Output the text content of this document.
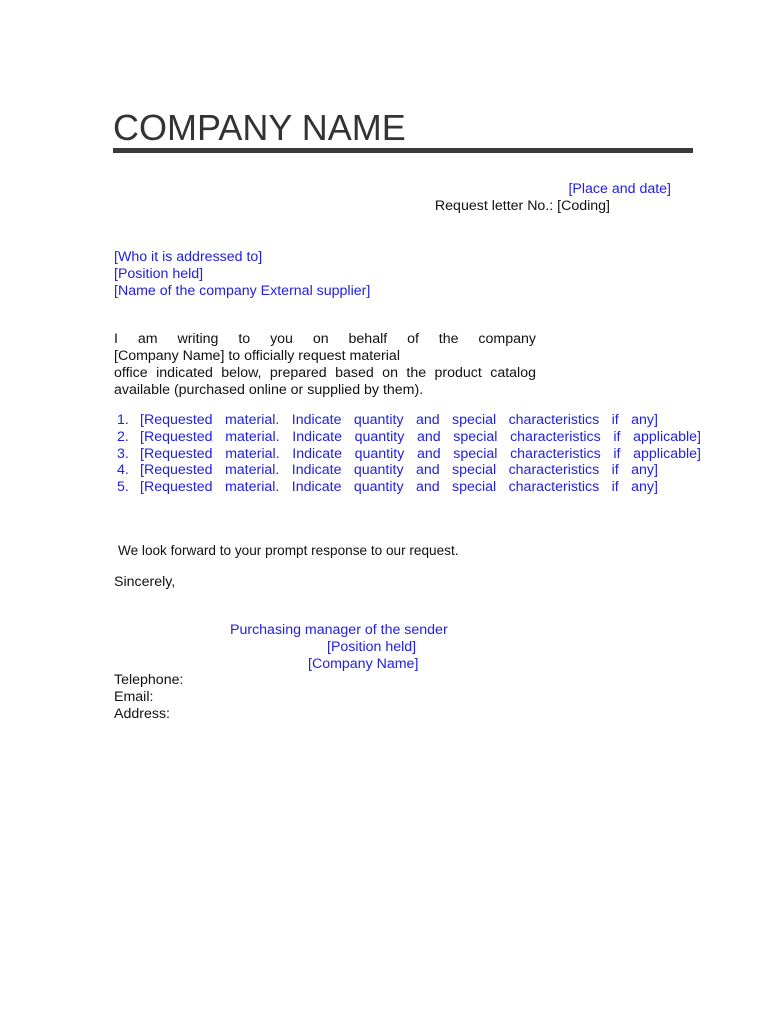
COMPANY NAME
[Place and date]
Request letter No.: [Coding]
[Who it is addressed to]
[Position held]
[Name of the company External supplier]
I am writing to you on behalf of the company
[Company Name] to officially request material
office indicated below, prepared based on the product catalog
available (purchased online or supplied by them).
1. [Requested material. Indicate quantity and special characteristics if any]
2. [Requested material. Indicate quantity and special characteristics if applicable]
3. [Requested material. Indicate quantity and special characteristics if applicable]
4. [Requested material. Indicate quantity and special characteristics if any]
5. [Requested material. Indicate quantity and special characteristics if any]
We look forward to your prompt response to our request.
Sincerely,
Purchasing manager of the sender
[Position held]
[Company Name]
Telephone:
Email:
Address:
